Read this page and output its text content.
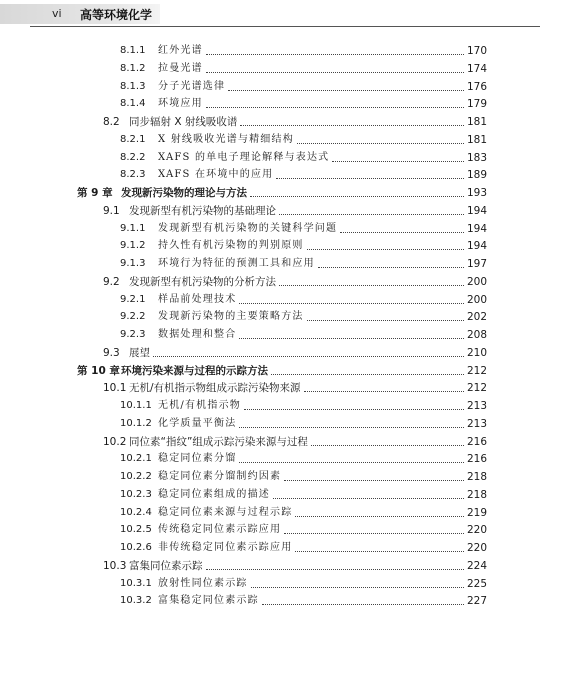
vi 高等环境化学
8.1.1	红外光谱	170
8.1.2	拉曼光谱	174
8.1.3	分子光谱选律	176
8.1.4	环境应用	179
8.2 同步辐射 X 射线吸收谱	181
8.2.1	X 射线吸收光谱与精细结构	181
8.2.2	XAFS 的单电子理论解释与表达式	183
8.2.3	XAFS 在环境中的应用	189
第 9 章 发现新污染物的理论与方法	193
9.1 发现新型有机污染物的基础理论	194
9.1.1	发现新型有机污染物的关键科学问题	194
9.1.2	持久性有机污染物的判别原则	194
9.1.3	环境行为特征的预测工具和应用	197
9.2 发现新型有机污染物的分析方法	200
9.2.1	样品前处理技术	200
9.2.2	发现新污染物的主要策略方法	202
9.2.3	数据处理和整合	208
9.3 展望	210
第 10 章 环境污染来源与过程的示踪方法	212
10.1 无机/有机指示物组成示踪污染物来源	212
10.1.1 无机/有机指示物	213
10.1.2 化学质量平衡法	213
10.2 同位素“指纹”组成示踪污染来源与过程	216
10.2.1 稳定同位素分馏	216
10.2.2 稳定同位素分馏制约因素	218
10.2.3 稳定同位素组成的描述	218
10.2.4 稳定同位素来源与过程示踪	219
10.2.5 传统稳定同位素示踪应用	220
10.2.6 非传统稳定同位素示踪应用	220
10.3 富集同位素示踪	224
10.3.1 放射性同位素示踪	225
10.3.2 富集稳定同位素示踪	227
